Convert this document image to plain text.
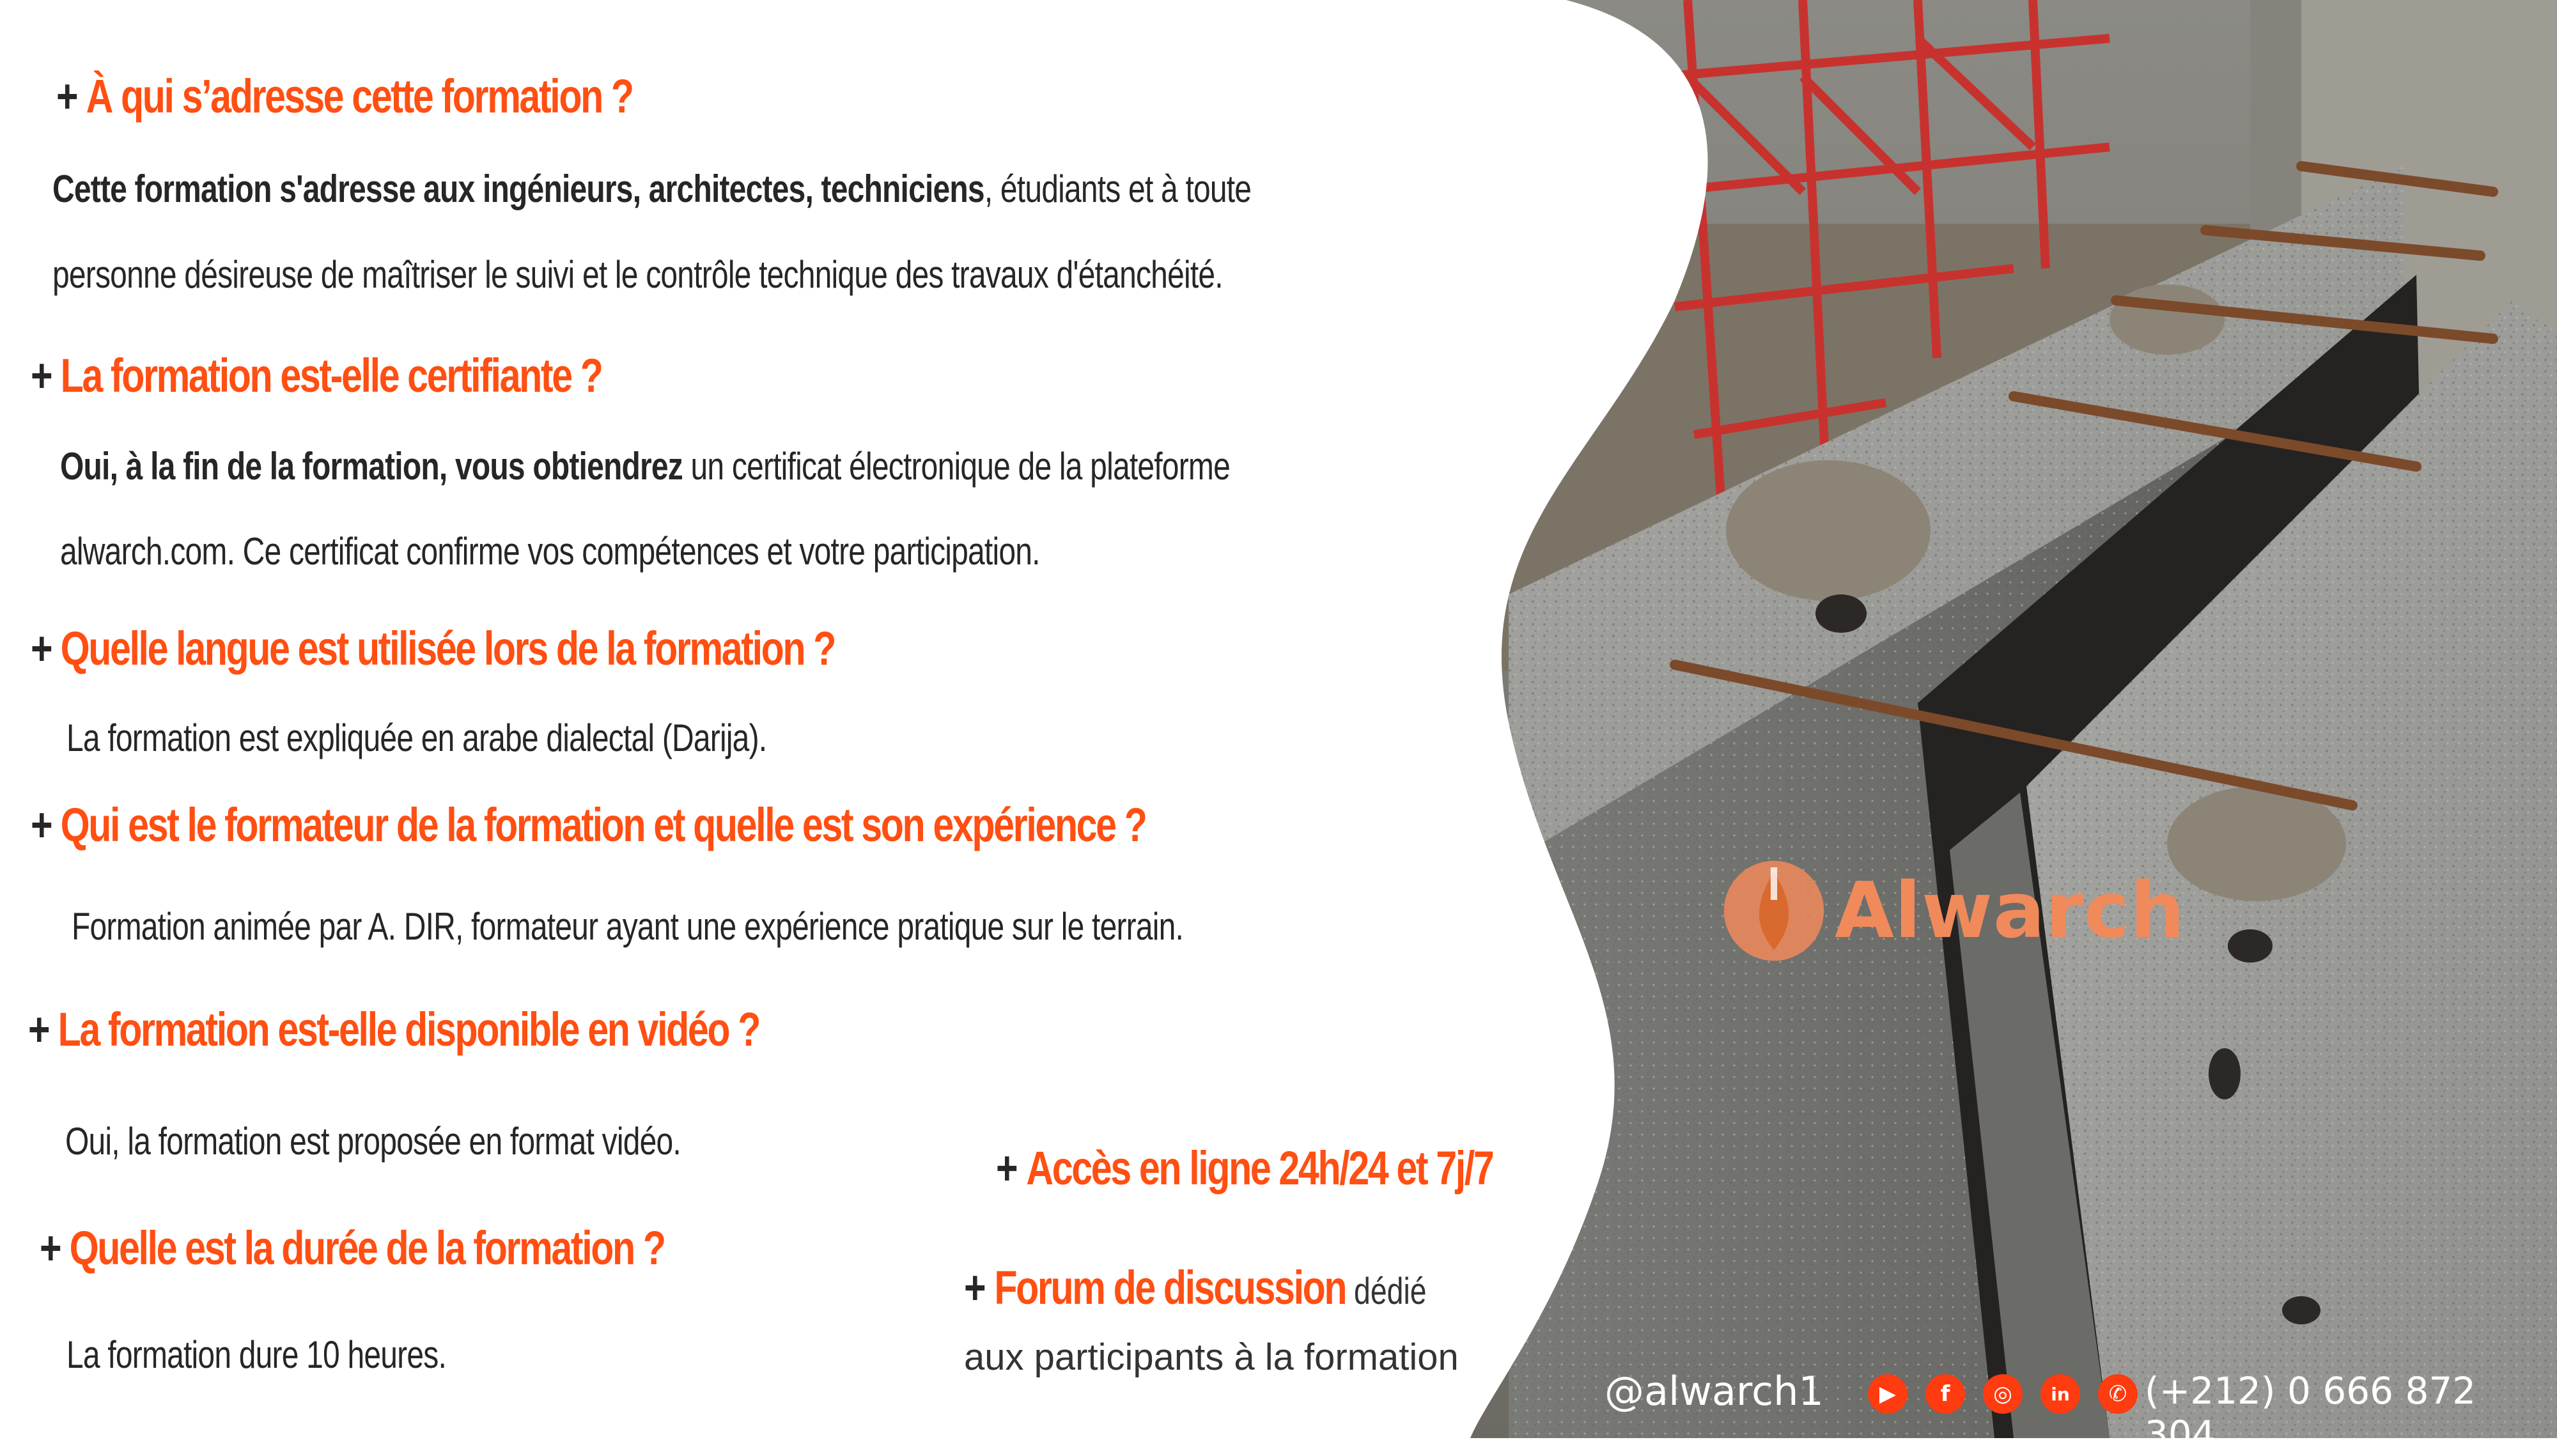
+ À qui s’adresse cette formation ?
Cette formation s'adresse aux ingénieurs, architectes, techniciens, étudiants et à toute
personne désireuse de maîtriser le suivi et le contrôle technique des travaux d'étanchéité.
+ La formation est-elle certifiante ?
Oui, à la fin de la formation, vous obtiendrez un certificat électronique de la plateforme
alwarch.com. Ce certificat confirme vos compétences et votre participation.
+ Quelle langue est utilisée lors de la formation ?
La formation est expliquée en arabe dialectal (Darija).
+ Qui est le formateur de la formation et quelle est son expérience ?
Formation animée par A. DIR, formateur ayant une expérience pratique sur le terrain.
+ La formation est-elle disponible en vidéo ?
Oui, la formation est proposée en format vidéo.
+ Quelle est la durée de la formation ?
La formation dure 10 heures.
+ Accès en ligne 24h/24 et 7j/7
+ Forum de discussion dédié
aux participants à la formation
Alwarch
@alwarch1	▶	f	◎	in	✆ (+212) 0 666 872 304
